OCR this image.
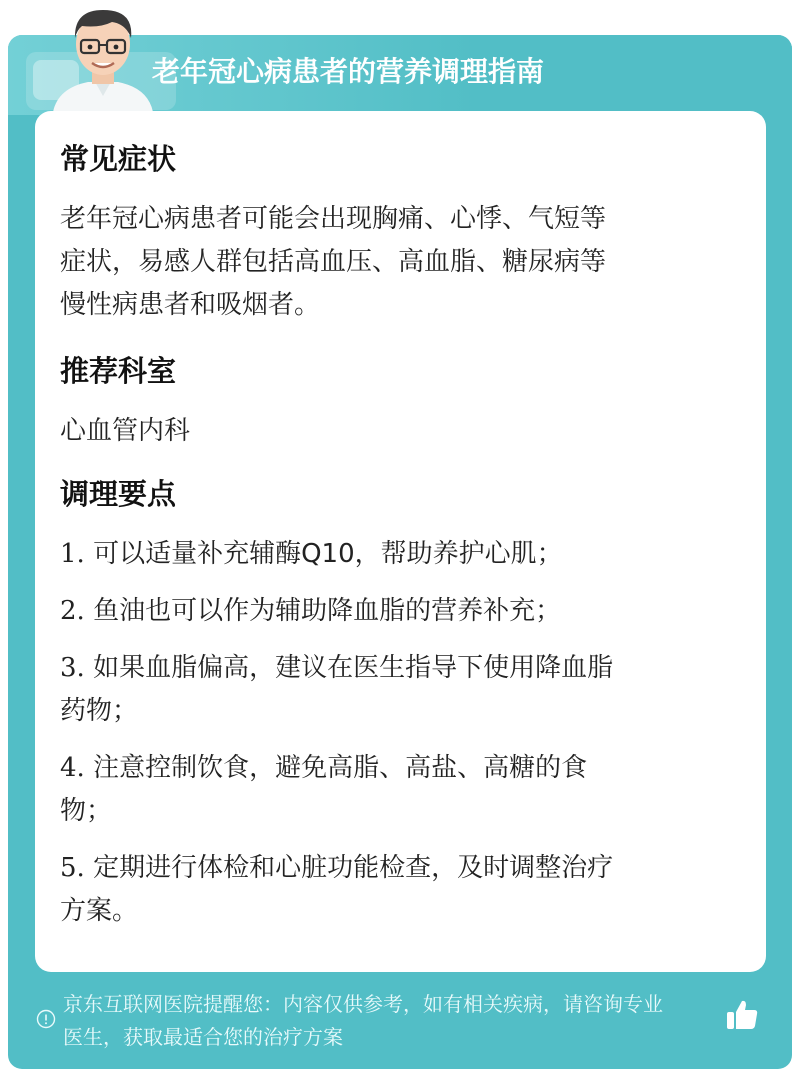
老年冠心病患者的营养调理指南
常见症状
老年冠心病患者可能会出现胸痛、心悸、气短等
症状，易感人群包括高血压、高血脂、糖尿病等
慢性病患者和吸烟者。
推荐科室
心血管内科
调理要点
1. 可以适量补充辅酶Q10，帮助养护心肌；
2. 鱼油也可以作为辅助降血脂的营养补充；
3. 如果血脂偏高，建议在医生指导下使用降血脂
药物；
4. 注意控制饮食，避免高脂、高盐、高糖的食
物；
5. 定期进行体检和心脏功能检查，及时调整治疗
方案。
京东互联网医院提醒您：内容仅供参考，如有相关疾病，请咨询专业
医生，获取最适合您的治疗方案
